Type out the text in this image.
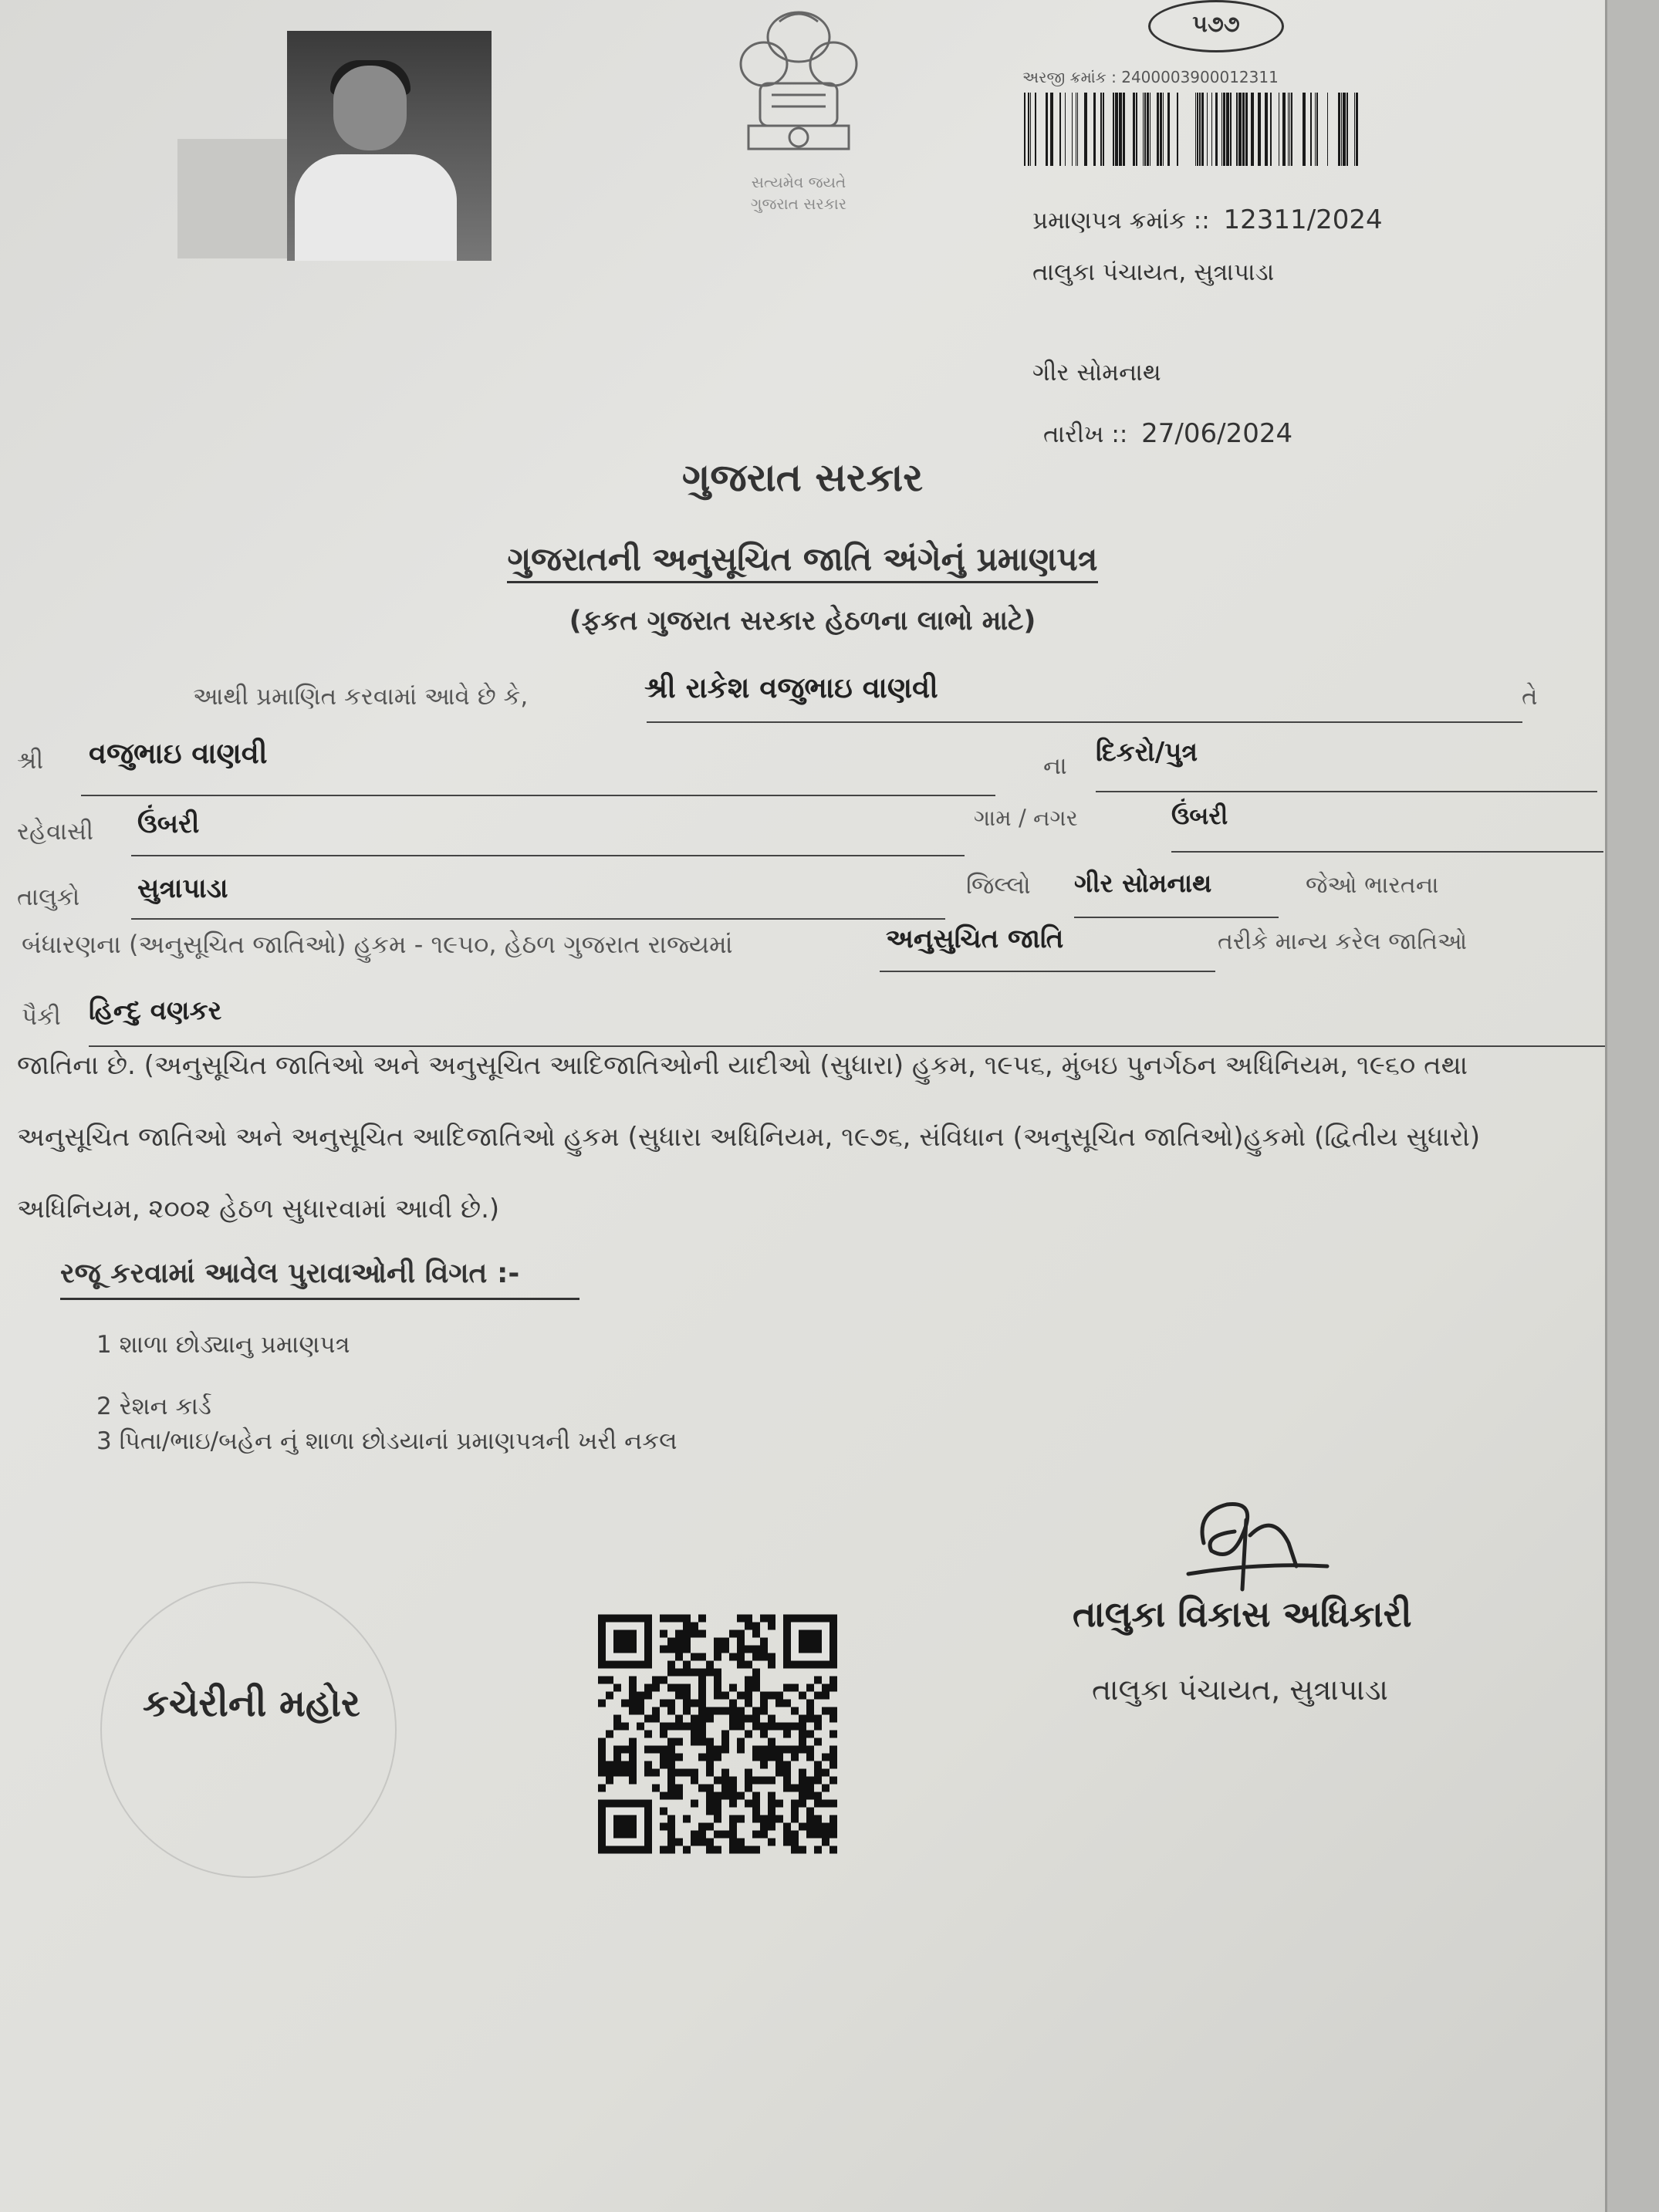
સત્યમેવ જયતે
ગુજરાત સરકાર
૫૭૭
અરજી ક્રમાંક : 2400003900012311
પ્રમાણપત્ર ક્રમાંક :: 12311/2024
તાલુકા પંચાયત, સુત્રાપાડા
ગીર સોમનાથ
તારીખ :: 27/06/2024
ગુજરાત સરકાર
ગુજરાતની અનુસૂચિત જાતિ અંગેનું પ્રમાણપત્ર
(ફકત ગુજરાત સરકાર હેઠળના લાભો માટે)
આથી પ્રમાણિત કરવામાં આવે છે કે,	શ્રી રાકેશ વજુભાઇ વાણવી	તે
શ્રી વજુભાઇ વાણવી	ના દિકરો/પુત્ર
રહેવાસી ઉંબરી	ગામ / નગર	ઉંબરી
તાલુકો સુત્રાપાડા	જિલ્લો ગીર સોમનાથ	જેઓ ભારતના
બંધારણના (અનુસૂચિત જાતિઓ) હુકમ - ૧૯૫૦, હેઠળ ગુજરાત રાજ્યમાં	અનુસુચિત જાતિ	તરીકે માન્ય કરેલ જાતિઓ
પૈકી હિન્દુ વણકર
જાતિના છે. (અનુસૂચિત જાતિઓ અને અનુસૂચિત આદિજાતિઓની યાદીઓ (સુધારા) હુકમ, ૧૯૫૬, મુંબઇ પુનર્ગઠન અધિનિયમ, ૧૯૬૦ તથા
અનુસૂચિત જાતિઓ અને અનુસૂચિત આદિજાતિઓ હુકમ (સુધારા અધિનિયમ, ૧૯૭૬, સંવિધાન (અનુસૂચિત જાતિઓ)હુકમો (દ્વિતીય સુધારો)
અધિનિયમ, ૨૦૦૨ હેઠળ સુધારવામાં આવી છે.)
રજૂ કરવામાં આવેલ પુરાવાઓની વિગત :-
1 શાળા છોડ્યાનુ પ્રમાણપત્ર
2 રેશન કાર્ડ
3 પિતા/ભાઇ/બહેન નું શાળા છોડયાનાં પ્રમાણપત્રની ખરી નકલ
કચેરીની મહોર
તાલુકા વિકાસ અધિકારી
તાલુકા પંચાયત, સુત્રાપાડા
